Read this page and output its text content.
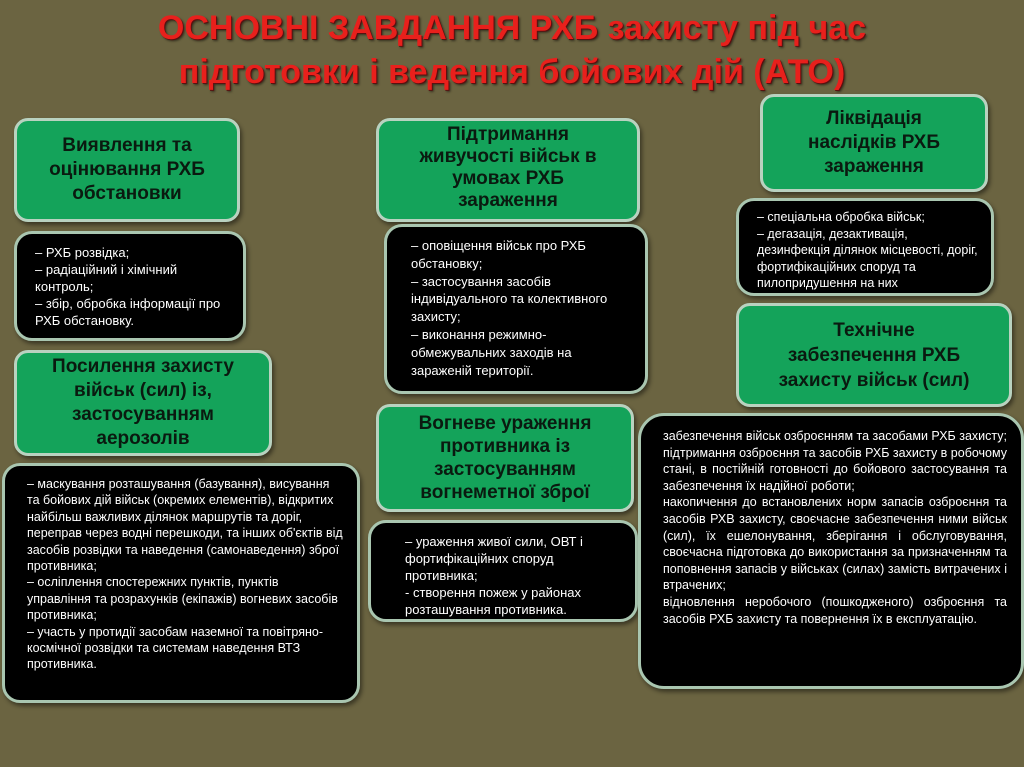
ОСНОВНІ ЗАВДАННЯ РХБ захисту під час
підготовки і ведення бойових дій (АТО)
Виявлення та
оцінювання РХБ
обстановки
– РХБ розвідка;
– радіаційний і хімічний контроль;
– збір, обробка інформації про РХБ обстановку.
Посилення захисту
військ (сил) із,
застосуванням
аерозолів
– маскування розташування (базування), висування та бойових дій військ (окремих елементів), відкритих найбільш важливих ділянок маршрутів та доріг, переправ через водні перешкоди, та інших об'єктів від засобів розвідки та наведення (самонаведення) зброї противника;
– осліплення спостережних пунктів, пунктів управління та розрахунків (екіпажів) вогневих засобів противника;
– участь у протидії засобам наземної та повітряно-космічної розвідки та системам наведення ВТЗ противника.
Підтримання
живучості військ в
умовах РХБ
зараження
– оповіщення військ про РХБ обстановку;
– застосування засобів індивідуального та колективного захисту;
– виконання режимно-обмежувальних заходів на зараженій території.
Вогневе ураження
противника із
застосуванням
вогнеметної зброї
– ураження живої сили, ОВТ і фортифікаційних споруд противника;
- створення пожеж у районах розташування противника.
Ліквідація
наслідків РХБ
зараження
– спеціальна обробка військ;
– дегазація, дезактивація, дезинфекція ділянок місцевості, доріг, фортифікаційних споруд та пилопридушення на них
Технічне
забезпечення РХБ
захисту військ (сил)
забезпечення військ озброєнням та засобами РХБ захисту;
підтримання озброєння та засобів РХБ захисту в робочому стані, в постійній готовності до бойового застосування та забезпечення їх надійної роботи;
накопичення до встановлених норм запасів озброєння та засобів РХВ захисту, своєчасне забезпечення ними військ (сил), їх ешелонування, зберігання і обслуговування, своєчасна підготовка до використання за призначенням та поповнення запасів у військах (силах) замість витрачених і втрачених;
відновлення неробочого (пошкодженого) озброєння та засобів РХБ захисту та повернення їх в експлуатацію.
